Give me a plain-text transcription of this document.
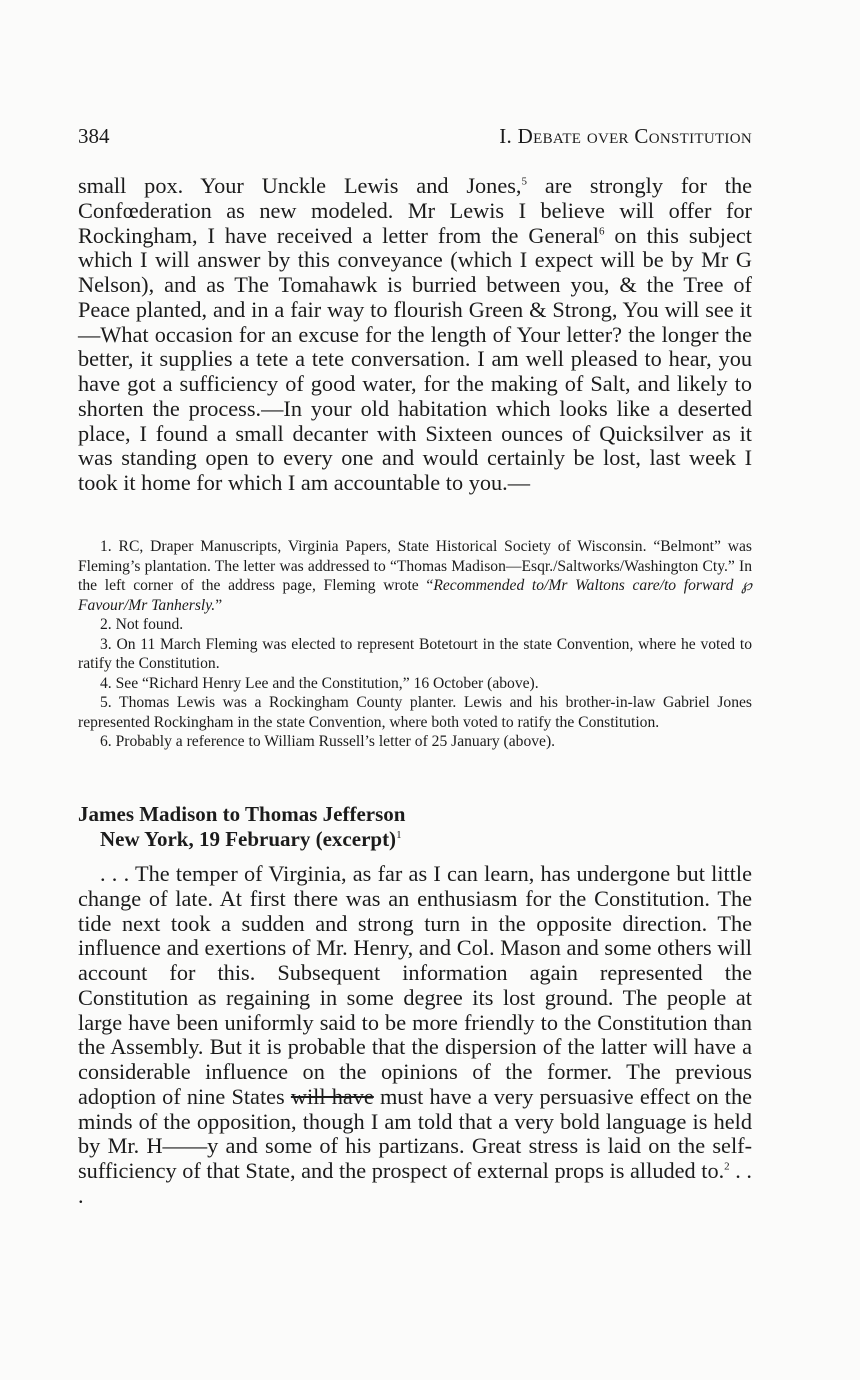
384	I. Debate over Constitution

small pox. Your Unckle Lewis and Jones,$^5$ are strongly for the Confœderation as new modeled. Mr Lewis I believe will offer for Rockingham, I have received a letter from the General$^6$ on this subject which I will answer by this conveyance (which I expect will be by Mr G Nelson), and as The Tomahawk is burried between you, & the Tree of Peace planted, and in a fair way to flourish Green & Strong, You will see it—What occasion for an excuse for the length of Your letter? the longer the better, it supplies a tete a tete conversation. I am well pleased to hear, you have got a sufficiency of good water, for the making of Salt, and likely to shorten the process.—In your old habitation which looks like a deserted place, I found a small decanter with Sixteen ounces of Quicksilver as it was standing open to every one and would certainly be lost, last week I took it home for which I am accountable to you.—

1. RC, Draper Manuscripts, Virginia Papers, State Historical Society of Wisconsin. “Belmont” was Fleming’s plantation. The letter was addressed to “Thomas Madison—Esqr./Saltworks/Washington Cty.” In the left corner of the address page, Fleming wrote “Recommended to/Mr Waltons care/to forward ℘ Favour/Mr Tanhersly.”

2. Not found.

3. On 11 March Fleming was elected to represent Botetourt in the state Convention, where he voted to ratify the Constitution.

4. See “Richard Henry Lee and the Constitution,” 16 October (above).

5. Thomas Lewis was a Rockingham County planter. Lewis and his brother-in-law Gabriel Jones represented Rockingham in the state Convention, where both voted to ratify the Constitution.

6. Probably a reference to William Russell’s letter of 25 January (above).

James Madison to Thomas Jefferson
New York, 19 February (excerpt)$^1$

. . . The temper of Virginia, as far as I can learn, has undergone but little change of late. At first there was an enthusiasm for the Constitution. The tide next took a sudden and strong turn in the opposite direction. The influence and exertions of Mr. Henry, and Col. Mason and some others will account for this. Subsequent information again represented the Constitution as regaining in some degree its lost ground. The people at large have been uniformly said to be more friendly to the Constitution than the Assembly. But it is probable that the dispersion of the latter will have a considerable influence on the opinions of the former. The previous adoption of nine States will have must have a very persuasive effect on the minds of the opposition, though I am told that a very bold language is held by Mr. H——y and some of his partizans. Great stress is laid on the self-sufficiency of that State, and the prospect of external props is alluded to.$^2$ . . .
